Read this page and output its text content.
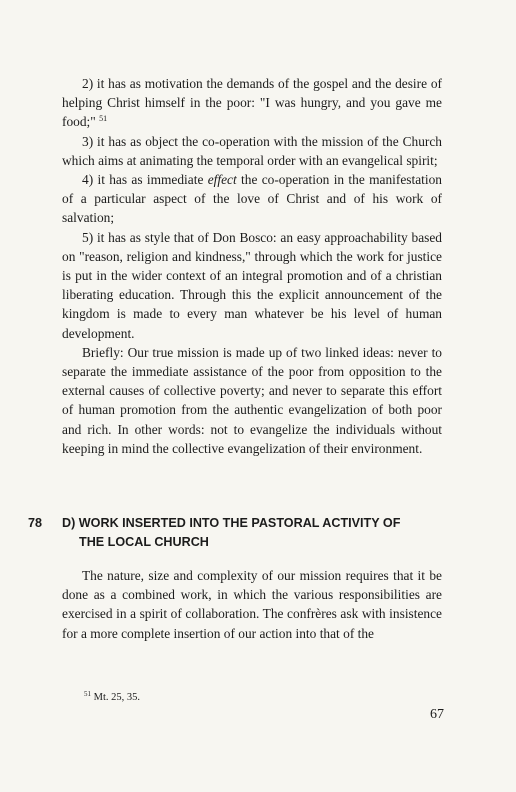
2) it has as motivation the demands of the gospel and the desire of helping Christ himself in the poor: "I was hungry, and you gave me food;" $^{51}$

3) it has as object the co-operation with the mission of the Church which aims at animating the temporal order with an evangelical spirit;

4) it has as immediate effect the co-operation in the manifestation of a particular aspect of the love of Christ and of his work of salvation;

5) it has as style that of Don Bosco: an easy approachability based on "reason, religion and kindness," through which the work for justice is put in the wider context of an integral promotion and of a christian liberating education. Through this the explicit announcement of the kingdom is made to every man whatever be his level of human development.

Briefly: Our true mission is made up of two linked ideas: never to separate the immediate assistance of the poor from opposition to the external causes of collective poverty; and never to separate this effort of human promotion from the authentic evangelization of both poor and rich. In other words: not to evangelize the individuals without keeping in mind the collective evangelization of their environment.

78 D) WORK INSERTED INTO THE PASTORAL ACTIVITY OF
THE LOCAL CHURCH

The nature, size and complexity of our mission requires that it be done as a combined work, in which the various responsibilities are exercised in a spirit of collaboration. The confrères ask with insistence for a more complete insertion of our action into that of the

$^{51}$ Mt. 25, 35.
67
